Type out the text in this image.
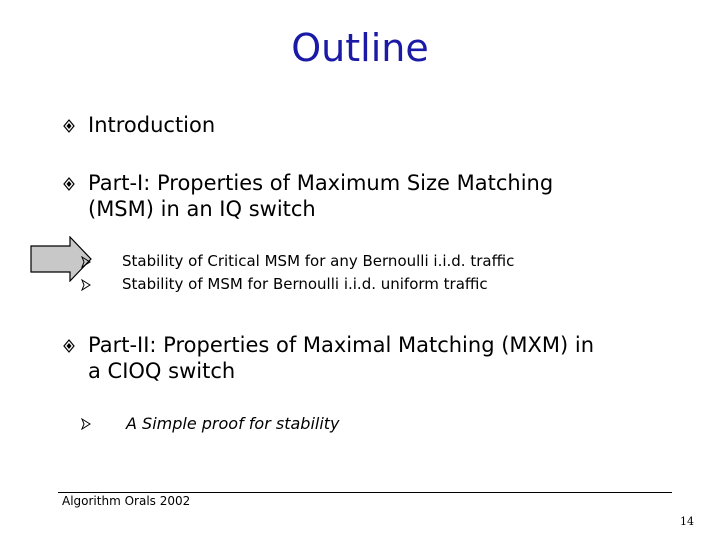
Outline
Introduction
Part-I: Properties of Maximum Size Matching
(MSM) in an IQ switch
Stability of Critical MSM for any Bernoulli i.i.d. traffic
Stability of MSM for Bernoulli i.i.d. uniform traffic
Part-II: Properties of Maximal Matching (MXM) in
a CIOQ switch
A Simple proof for stability
Algorithm Orals 2002
14
